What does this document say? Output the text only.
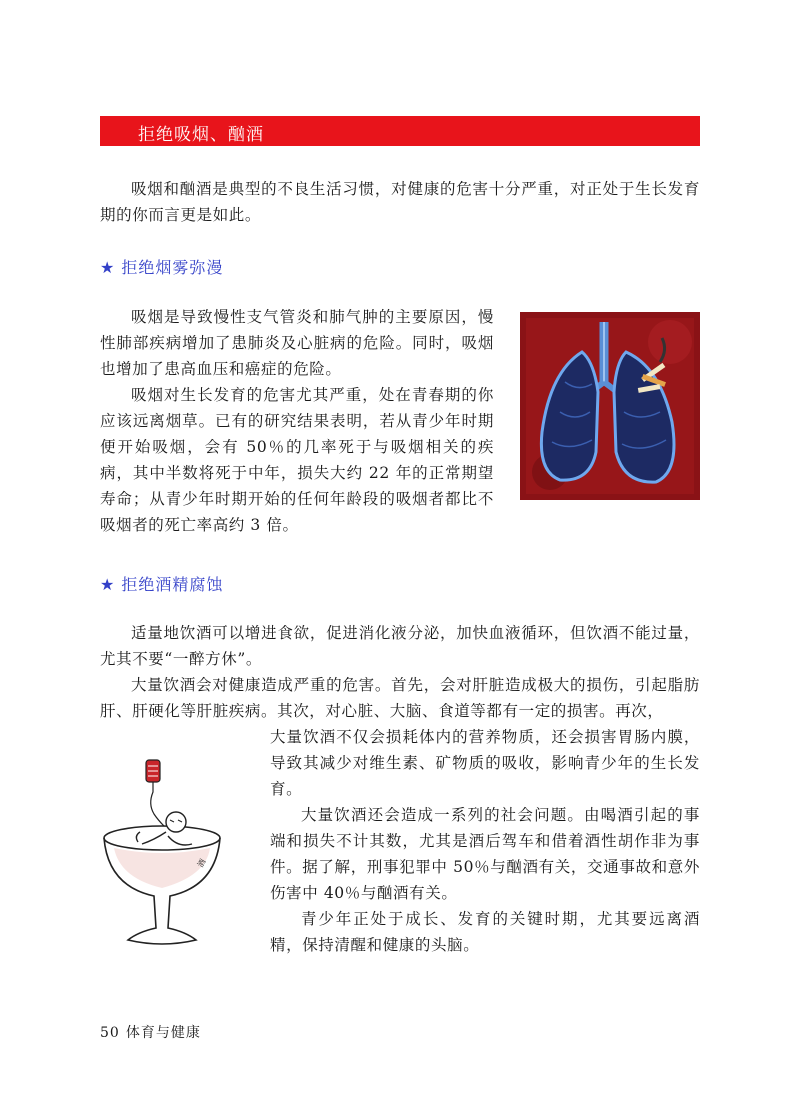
拒绝吸烟、酗酒

吸烟和酗酒是典型的不良生活习惯，对健康的危害十分严重，对正处于生长发育期的你而言更是如此。

★ 拒绝烟雾弥漫

吸烟是导致慢性支气管炎和肺气肿的主要原因，慢性肺部疾病增加了患肺炎及心脏病的危险。同时，吸烟也增加了患高血压和癌症的危险。

吸烟对生长发育的危害尤其严重，处在青春期的你应该远离烟草。已有的研究结果表明，若从青少年时期便开始吸烟，会有 50％的几率死于与吸烟相关的疾病，其中半数将死于中年，损失大约 22 年的正常期望寿命；从青少年时期开始的任何年龄段的吸烟者都比不吸烟者的死亡率高约 3 倍。

★ 拒绝酒精腐蚀

适量地饮酒可以增进食欲，促进消化液分泌，加快血液循环，但饮酒不能过量，尤其不要“一醉方休”。

大量饮酒会对健康造成严重的危害。首先，会对肝脏造成极大的损伤，引起脂肪肝、肝硬化等肝脏疾病。其次，对心脏、大脑、食道等都有一定的损害。再次，

大量饮酒不仅会损耗体内的营养物质，还会损害胃肠内膜，导致其减少对维生素、矿物质的吸收，影响青少年的生长发育。

大量饮酒还会造成一系列的社会问题。由喝酒引起的事端和损失不计其数，尤其是酒后驾车和借着酒性胡作非为事件。据了解，刑事犯罪中 50％与酗酒有关，交通事故和意外伤害中 40％与酗酒有关。

青少年正处于成长、发育的关键时期，尤其要远离酒精，保持清醒和健康的头脑。

酒
50 体育与健康
